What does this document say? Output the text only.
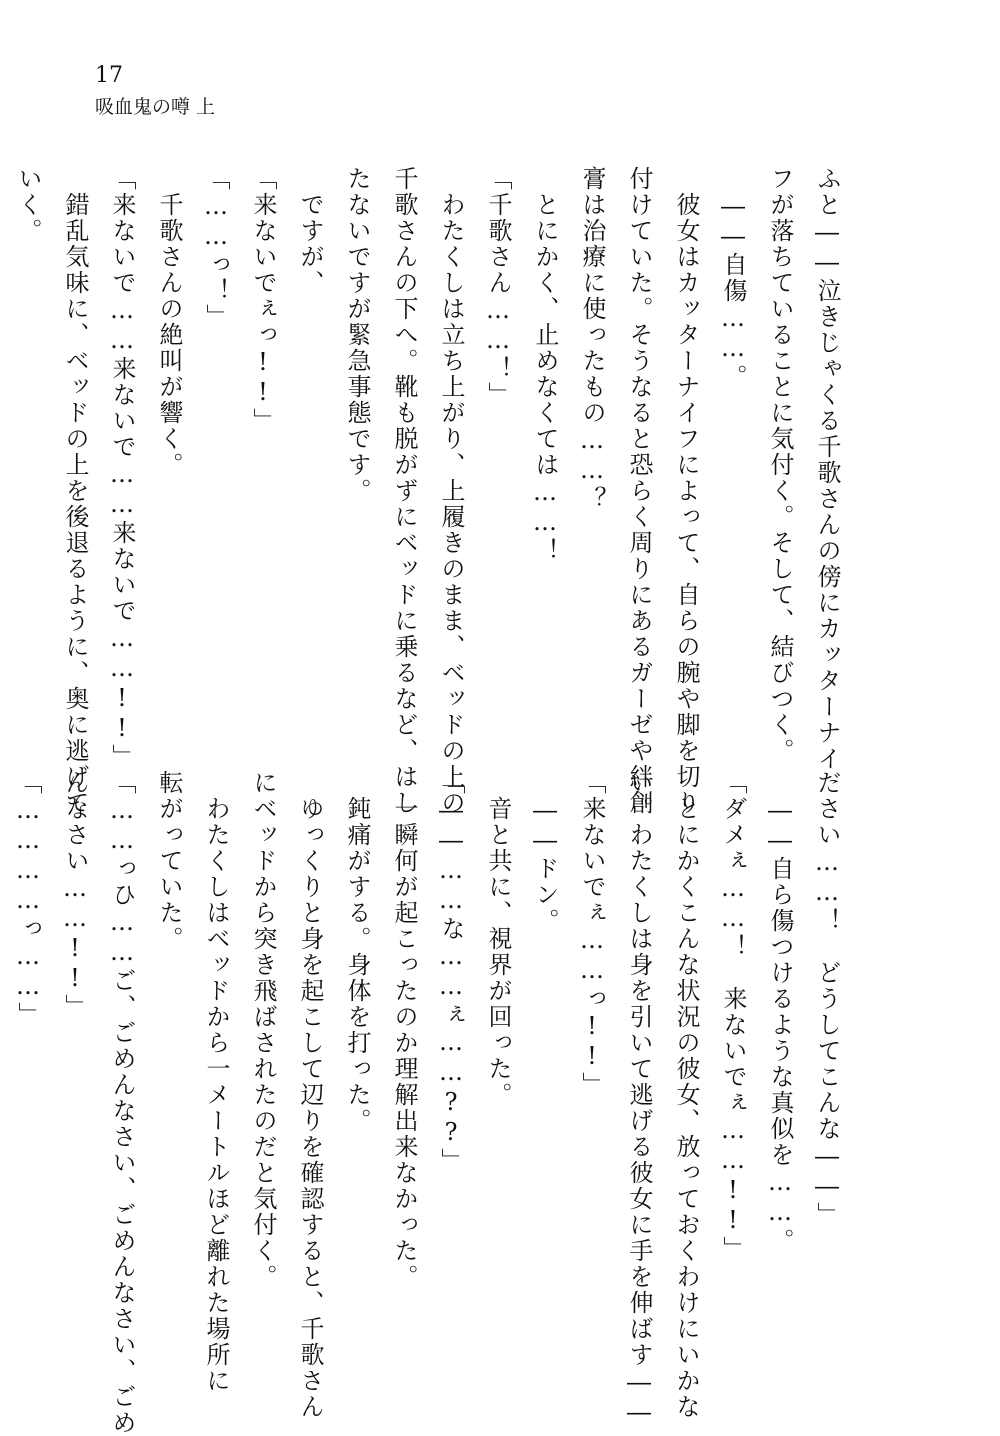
17
吸血鬼の噂 上
ふと――泣きじゃくる千歌さんの傍にカッターナイ
フが落ちていることに気付く。そして、結びつく。
　――自傷……。
　彼女はカッターナイフによって、自らの腕や脚を切り
付けていた。そうなると恐らく周りにあるガーゼや絆創
膏は治療に使ったもの……？
　とにかく、止めなくては……！
「千歌さん……！」
　わたくしは立ち上がり、上履きのまま、ベッドの上の
千歌さんの下へ。靴も脱がずにベッドに乗るなど、はし
たないですが緊急事態です。
　ですが、
「来ないでぇっ!!」
「……っ！」
　千歌さんの絶叫が響く。
「来ないで……来ないで……来ないで……!!」
　錯乱気味に、ベッドの上を後退るように、奥に逃げて
いく。
ださい……！　どうしてこんな――」
　――自ら傷つけるような真似を……。
「ダメぇ……！　来ないでぇ……!!」
　とにかくこんな状況の彼女、放っておくわけにいかな
い。わたくしは身を引いて逃げる彼女に手を伸ばす――
「来ないでぇ……っ!!」
　――ドン。
　音と共に、視界が回った。
「――……な……ぇ……??」
　一瞬何が起こったのか理解出来なかった。
　鈍痛がする。身体を打った。
　ゆっくりと身を起こして辺りを確認すると、千歌さん
にベッドから突き飛ばされたのだと気付く。
　わたくしはベッドから一メートルほど離れた場所に
転がっていた。
「……っひ……ご、ごめんなさい、ごめんなさい、ごめ
んなさい……!!」
「…………っ……」
